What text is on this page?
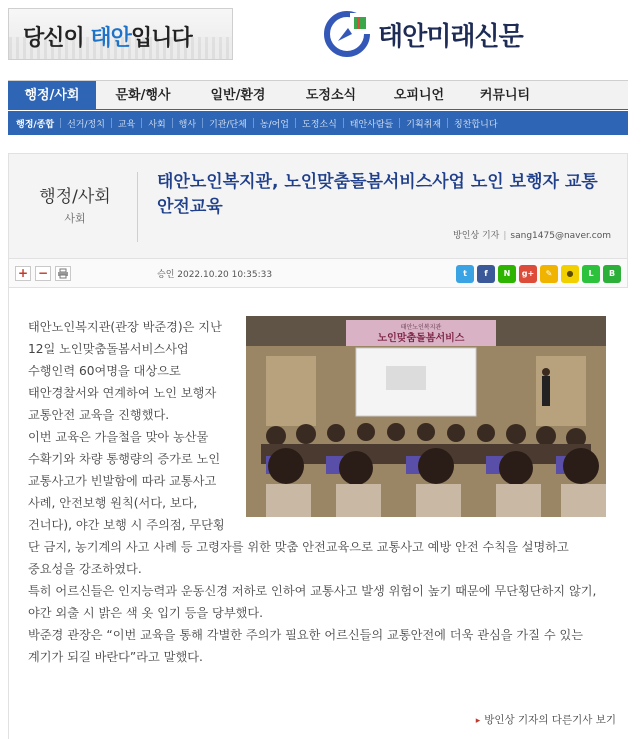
당신이 태안입니다	태안미래신문
행정/사회	문화/행사	일반/환경	도정소식	오피니언	커뮤니티
행정/종합 선거/정치 교육 사회 행사 기관/단체 농/어업 도정소식 태안사람들 기획취재 칭찬합니다
행정/사회
사회
태안노인복지관, 노인맞춤돌봄서비스사업 노인 보행자 교통안전교육
방인상 기자 | sang1475@naver.com
+ −	승인 2022.10.20 10:35:33	t	f	N	g+	✎	●	L	B
태안노인복지관
노인맞춤돌봄서비스
태안노인복지관(관장 박준경)은 지난 12일 노인맞춤돌봄서비스사업 수행인력 60여명을 대상으로 태안경찰서와 연계하여 노인 보행자 교통안전 교육을 진행했다.
이번 교육은 가을철을 맞아 농산물 수확기와 차량 통행량의 증가로 노인 교통사고가 빈발함에 따라 교통사고 사례, 안전보행 원칙(서다, 보다, 건너다), 야간 보행 시 주의점, 무단횡
단 금지, 농기계의 사고 사례 등 고령자를 위한 맞춤 안전교육으로 교통사고 예방 안전 수칙을 설명하고 중요성을 강조하였다.
특히 어르신들은 인지능력과 운동신경 저하로 인하여 교통사고 발생 위험이 높기 때문에 무단횡단하지 않기, 야간 외출 시 밝은 색 옷 입기 등을 당부했다.
박준경 관장은 “이번 교육을 통해 각별한 주의가 필요한 어르신들의 교통안전에 더욱 관심을 가질 수 있는 계기가 되길 바란다”라고 말했다.
▸ 방인상 기자의 다른기사 보기
